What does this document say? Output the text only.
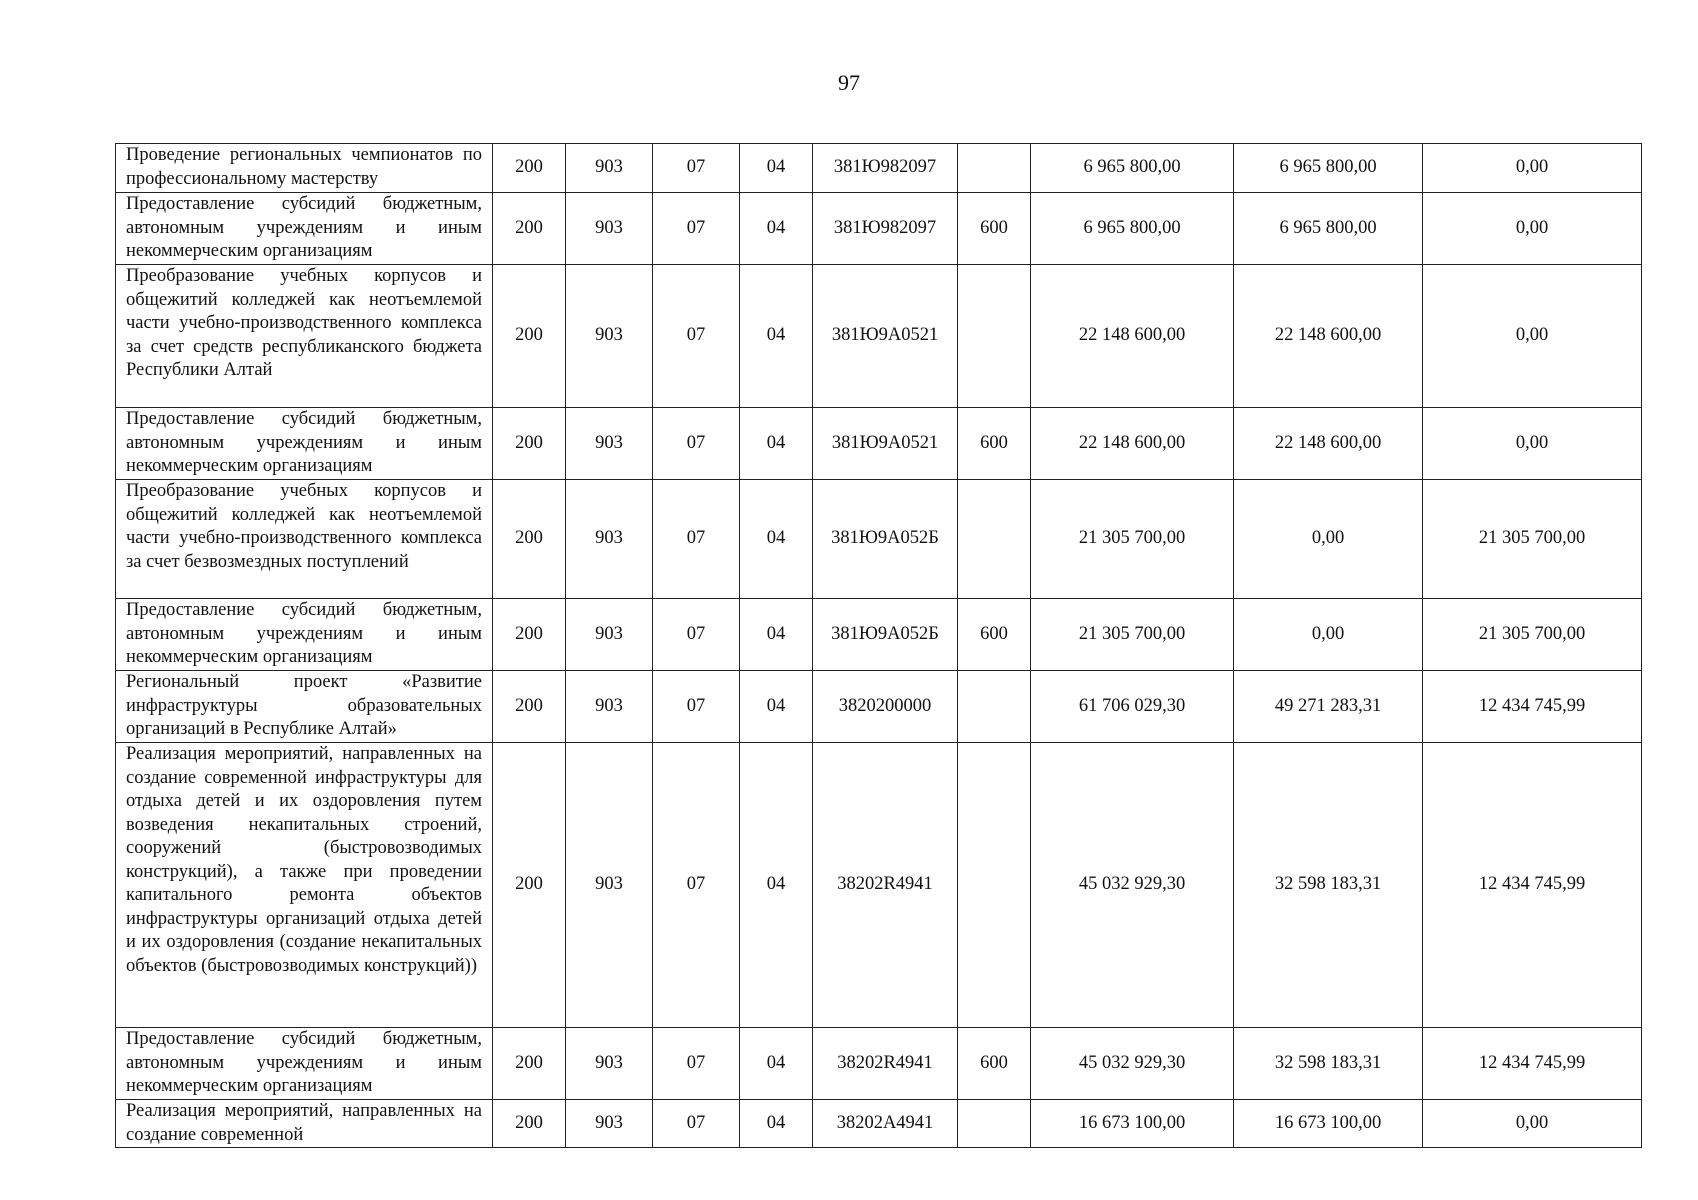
97
Проведение региональных чемпионатов по профессиональному мастерству	200	903	07	04	381Ю982097		6 965 800,00	6 965 800,00	0,00
Предоставление субсидий бюджетным, автономным учреждениям и иным некоммерческим организациям	200	903	07	04	381Ю982097	600	6 965 800,00	6 965 800,00	0,00
Преобразование учебных корпусов и общежитий колледжей как неотъемлемой части учебно-производственного комплекса за счет средств республиканского бюджета Республики Алтай	200	903	07	04	381Ю9А0521		22 148 600,00	22 148 600,00	0,00
Предоставление субсидий бюджетным, автономным учреждениям и иным некоммерческим организациям	200	903	07	04	381Ю9А0521	600	22 148 600,00	22 148 600,00	0,00
Преобразование учебных корпусов и общежитий колледжей как неотъемлемой части учебно-производственного комплекса за счет безвозмездных поступлений	200	903	07	04	381Ю9А052Б		21 305 700,00	0,00	21 305 700,00
Предоставление субсидий бюджетным, автономным учреждениям и иным некоммерческим организациям	200	903	07	04	381Ю9А052Б	600	21 305 700,00	0,00	21 305 700,00
Региональный проект «Развитие инфраструктуры образовательных организаций в Республике Алтай»	200	903	07	04	3820200000		61 706 029,30	49 271 283,31	12 434 745,99
Реализация мероприятий, направленных на создание современной инфраструктуры для отдыха детей и их оздоровления путем возведения некапитальных строений, сооружений (быстровозводимых конструкций), а также при проведении капитального ремонта объектов инфраструктуры организаций отдыха детей и их оздоровления (создание некапитальных объектов (быстровозводимых конструкций))	200	903	07	04	38202R4941		45 032 929,30	32 598 183,31	12 434 745,99
Предоставление субсидий бюджетным, автономным учреждениям и иным некоммерческим организациям	200	903	07	04	38202R4941	600	45 032 929,30	32 598 183,31	12 434 745,99
Реализация мероприятий, направленных на создание современной	200	903	07	04	38202А4941		16 673 100,00	16 673 100,00	0,00
